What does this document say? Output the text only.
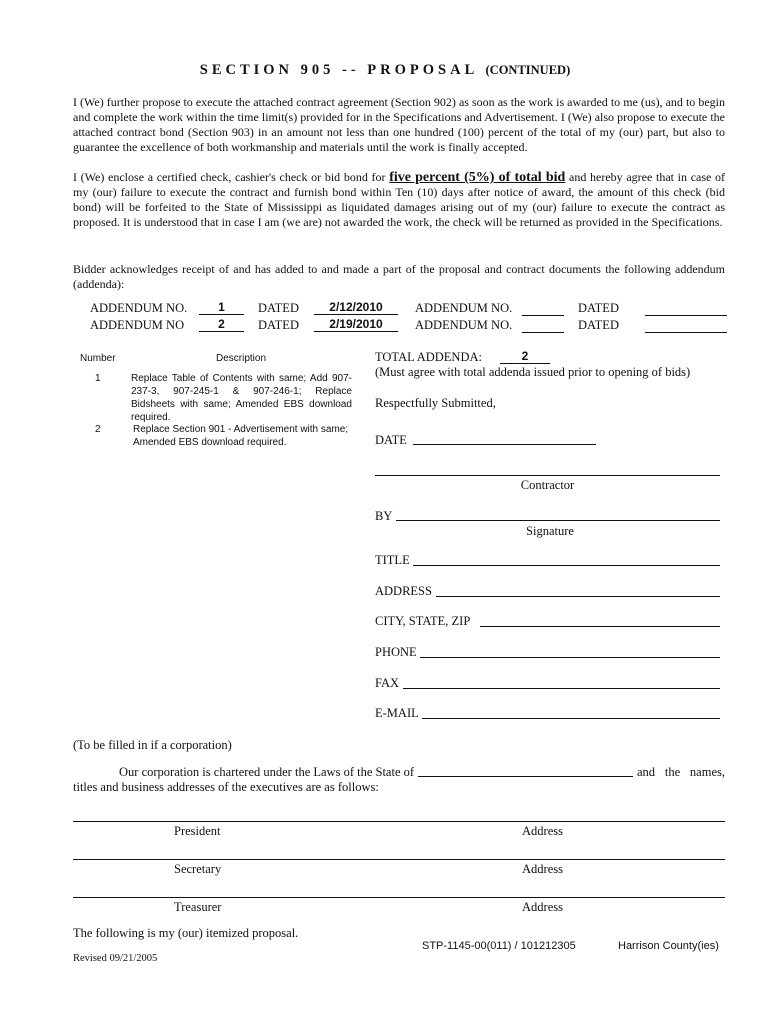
SECTION 905 -- PROPOSAL (CONTINUED)
I (We) further propose to execute the attached contract agreement (Section 902) as soon as the work is awarded to me (us), and to begin and complete the work within the time limit(s) provided for in the Specifications and Advertisement. I (We) also propose to execute the attached contract bond (Section 903) in an amount not less than one hundred (100) percent of the total of my (our) part, but also to guarantee the excellence of both workmanship and materials until the work is finally accepted.
I (We) enclose a certified check, cashier's check or bid bond for five percent (5%) of total bid and hereby agree that in case of my (our) failure to execute the contract and furnish bond within Ten (10) days after notice of award, the amount of this check (bid bond) will be forfeited to the State of Mississippi as liquidated damages arising out of my (our) failure to execute the contract as proposed. It is understood that in case I am (we are) not awarded the work, the check will be returned as provided in the Specifications.
Bidder acknowledges receipt of and has added to and made a part of the proposal and contract documents the following addendum (addenda):
ADDENDUM NO.	1	DATED	2/12/2010	ADDENDUM NO.	DATED
ADDENDUM NO	2	DATED	2/19/2010	ADDENDUM NO.	DATED
Number	Description
1	Replace Table of Contents with same; Add 907-237-3, 907-245-1 & 907-246-1; Replace Bidsheets with same; Amended EBS download required.
2	Replace Section 901 - Advertisement with same; Amended EBS download required.
TOTAL ADDENDA:	2
(Must agree with total addenda issued prior to opening of bids)
Respectfully Submitted,
DATE
Contractor
BY
Signature
TITLE
ADDRESS
CITY, STATE, ZIP
PHONE
FAX
E-MAIL
(To be filled in if a corporation)
Our corporation is chartered under the Laws of the State of	and the names,
titles and business addresses of the executives are as follows:
President	Address
Secretary	Address
Treasurer	Address
The following is my (our) itemized proposal.
STP-1145-00(011) / 101212305	Harrison County(ies)
Revised 09/21/2005
